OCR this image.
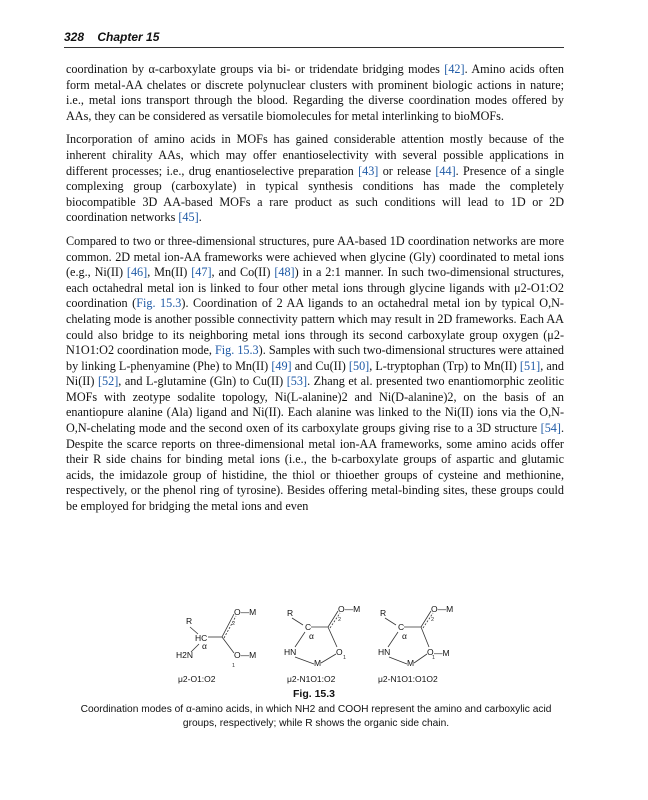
328 Chapter 15

coordination by α-carboxylate groups via bi- or tridendate bridging modes [42]. Amino acids often form metal-AA chelates or discrete polynuclear clusters with prominent biologic actions in nature; i.e., metal ions transport through the blood. Regarding the diverse coordination modes offered by AAs, they can be considered as versatile biomolecules for metal interlinking to bioMOFs.

Incorporation of amino acids in MOFs has gained considerable attention mostly because of the inherent chirality AAs, which may offer enantioselectivity with several possible applications in different processes; i.e., drug enantioselective preparation [43] or release [44]. Presence of a single complexing group (carboxylate) in typical synthesis conditions has made the completely biocompatible 3D AA-based MOFs a rare product as such conditions will lead to 1D or 2D coordination networks [45].

Compared to two or three-dimensional structures, pure AA-based 1D coordination networks are more common. 2D metal ion-AA frameworks were achieved when glycine (Gly) coordinated to metal ions (e.g., Ni(II) [46], Mn(II) [47], and Co(II) [48]) in a 2:1 manner. In such two-dimensional structures, each octahedral metal ion is linked to four other metal ions through glycine ligands with μ2-O1:O2 coordination (Fig. 15.3). Coordination of 2 AA ligands to an octahedral metal ion by typical O,N-chelating mode is another possible connectivity pattern which may result in 2D frameworks. Each AA could also bridge to its neighboring metal ions through its second carboxylate group oxygen (μ2-N1O1:O2 coordination mode, Fig. 15.3). Samples with such two-dimensional structures were attained by linking L-phenyamine (Phe) to Mn(II) [49] and Cu(II) [50], L-tryptophan (Trp) to Mn(II) [51], and Ni(II) [52], and L-glutamine (Gln) to Cu(II) [53]. Zhang et al. presented two enantiomorphic zeolitic MOFs with zeotype sodalite topology, Ni(L-alanine)2 and Ni(D-alanine)2, on the basis of an enantiopure alanine (Ala) ligand and Ni(II). Each alanine was linked to the Ni(II) ions via the O,N- O,N-chelating mode and the second oxen of its carboxylate groups giving rise to a 3D structure [54]. Despite the scarce reports on three-dimensional metal ion-AA frameworks, some amino acids offer their R side chains for binding metal ions (i.e., the b-carboxylate groups of aspartic and glutamic acids, the imidazole group of histidine, the thiol or thioether groups of cysteine and methionine, respectively, or the phenol ring of tyrosine). Besides offering metal-binding sites, these groups could be employed for bridging the metal ions and even

R
HC
α
H2N
O—M
2
O—M
1
μ2-O1:O2
R
C
α
HN
M
O
1
O—M
2
μ2-N1O1:O2
R
C
α
HN
M
O
1
—M
O—M
2
μ2-N1O1:O1O2
Fig. 15.3
Coordination modes of α-amino acids, in which NH2 and COOH represent the amino and carboxylic acid groups, respectively; while R shows the organic side chain.
